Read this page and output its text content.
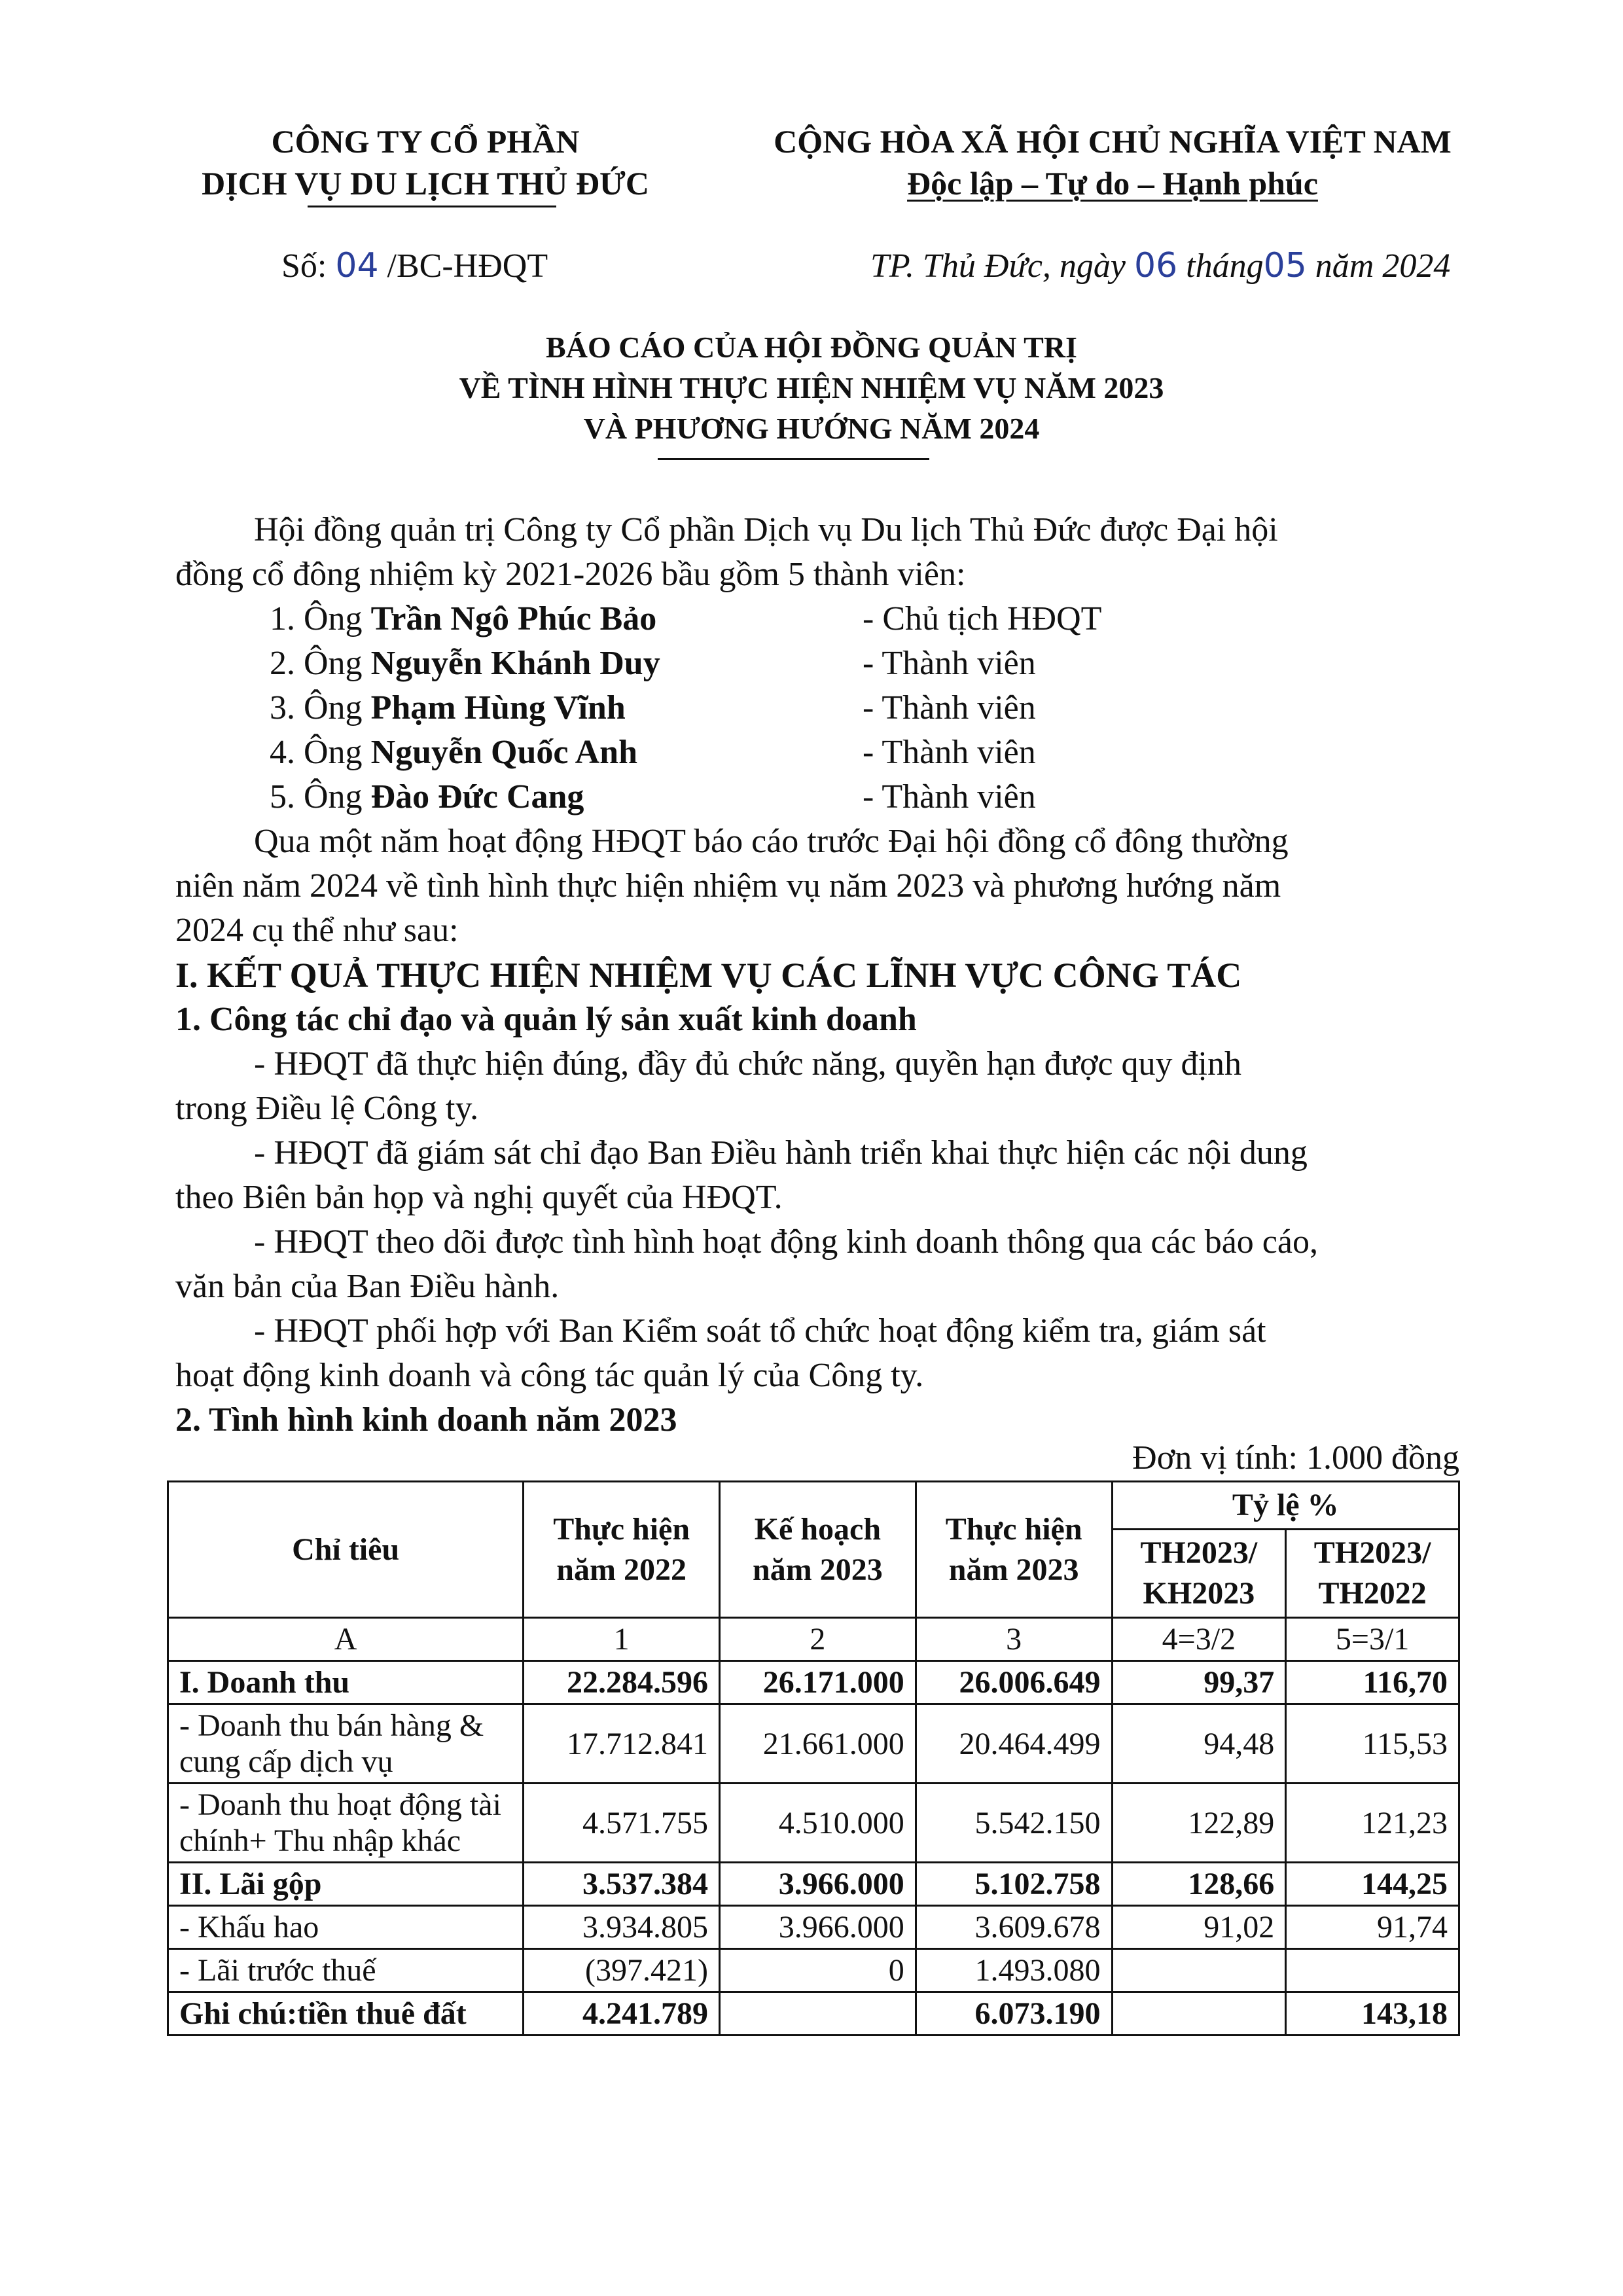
CÔNG TY CỔ PHẦN
DỊCH VỤ DU LỊCH THỦ ĐỨC
CỘNG HÒA XÃ HỘI CHỦ NGHĨA VIỆT NAM
Độc lập – Tự do – Hạnh phúc
Số: 04 /BC-HĐQT	TP. Thủ Đức, ngày 06 tháng05 năm 2024
BÁO CÁO CỦA HỘI ĐỒNG QUẢN TRỊ
VỀ TÌNH HÌNH THỰC HIỆN NHIỆM VỤ NĂM 2023
VÀ PHƯƠNG HƯỚNG NĂM 2024
Hội đồng quản trị Công ty Cổ phần Dịch vụ Du lịch Thủ Đức được Đại hội
đồng cổ đông nhiệm kỳ 2021-2026 bầu gồm 5 thành viên:
1. Ông Trần Ngô Phúc Bảo	- Chủ tịch HĐQT
2. Ông Nguyễn Khánh Duy	- Thành viên
3. Ông Phạm Hùng Vĩnh	- Thành viên
4. Ông Nguyễn Quốc Anh	- Thành viên
5. Ông Đào Đức Cang	- Thành viên
Qua một năm hoạt động HĐQT báo cáo trước Đại hội đồng cổ đông thường
niên năm 2024 về tình hình thực hiện nhiệm vụ năm 2023 và phương hướng năm
2024 cụ thể như sau:
I. KẾT QUẢ THỰC HIỆN NHIỆM VỤ CÁC LĨNH VỰC CÔNG TÁC
1. Công tác chỉ đạo và quản lý sản xuất kinh doanh
- HĐQT đã thực hiện đúng, đầy đủ chức năng, quyền hạn được quy định
trong Điều lệ Công ty.
- HĐQT đã giám sát chỉ đạo Ban Điều hành triển khai thực hiện các nội dung
theo Biên bản họp và nghị quyết của HĐQT.
- HĐQT theo dõi được tình hình hoạt động kinh doanh thông qua các báo cáo,
văn bản của Ban Điều hành.
- HĐQT phối hợp với Ban Kiểm soát tổ chức hoạt động kiểm tra, giám sát
hoạt động kinh doanh và công tác quản lý của Công ty.
2. Tình hình kinh doanh năm 2023
Đơn vị tính: 1.000 đồng
Chỉ tiêu	Thực hiện năm 2022	Kế hoạch năm 2023	Thực hiện năm 2023	Tỷ lệ %	
				TH2023/ KH2023	TH2023/ TH2022
A	1	2	3	4=3/2	5=3/1
I. Doanh thu	22.284.596	26.171.000	26.006.649	99,37	116,70
- Doanh thu bán hàng & cung cấp dịch vụ	17.712.841	21.661.000	20.464.499	94,48	115,53
- Doanh thu hoạt động tài chính+ Thu nhập khác	4.571.755	4.510.000	5.542.150	122,89	121,23
II. Lãi gộp	3.537.384	3.966.000	5.102.758	128,66	144,25
- Khấu hao	3.934.805	3.966.000	3.609.678	91,02	91,74
- Lãi trước thuế	(397.421)	0	1.493.080		
Ghi chú:tiền thuê đất	4.241.789		6.073.190		143,18
